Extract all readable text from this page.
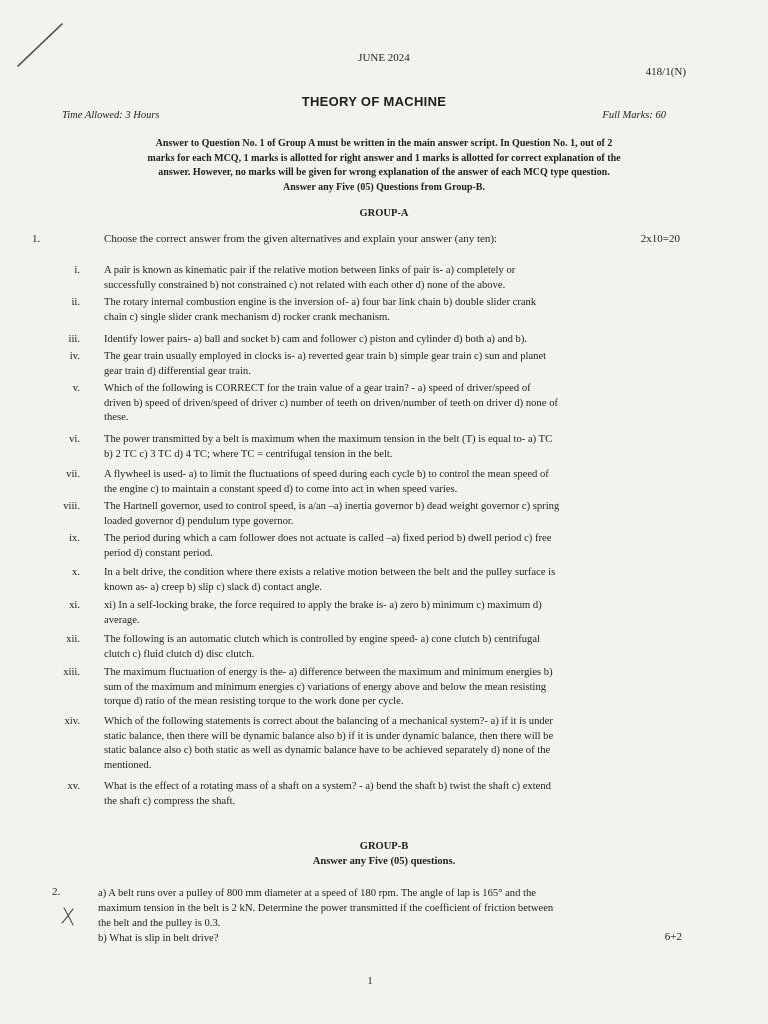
JUNE 2024
418/1(N)
THEORY OF MACHINE
Time Allowed: 3 Hours	Full Marks: 60
Answer to Question No. 1 of Group A must be written in the main answer script. In Question No. 1, out of 2
marks for each MCQ, 1 marks is allotted for right answer and 1 marks is allotted for correct explanation of the
answer. However, no marks will be given for wrong explanation of the answer of each MCQ type question.
Answer any Five (05) Questions from Group-B.
GROUP-A
1.	Choose the correct answer from the given alternatives and explain your answer (any ten):	2x10=20
i. A pair is known as kinematic pair if the relative motion between links of pair is- a) completely or
successfully constrained b) not constrained c) not related with each other d) none of the above.
ii. The rotary internal combustion engine is the inversion of- a) four bar link chain b) double slider crank
chain c) single slider crank mechanism d) rocker crank mechanism.
iii. Identify lower pairs- a) ball and socket b) cam and follower c) piston and cylinder d) both a) and b).
iv. The gear train usually employed in clocks is- a) reverted gear train b) simple gear train c) sun and planet
gear train d) differential gear train.
v. Which of the following is CORRECT for the train value of a gear train? - a) speed of driver/speed of
driven b) speed of driven/speed of driver c) number of teeth on driven/number of teeth on driver d) none of
these.
vi. The power transmitted by a belt is maximum when the maximum tension in the belt (T) is equal to- a) TC
b) 2 TC c) 3 TC d) 4 TC; where TC = centrifugal tension in the belt.
vii. A flywheel is used- a) to limit the fluctuations of speed during each cycle b) to control the mean speed of
the engine c) to maintain a constant speed d) to come into act in when speed varies.
viii. The Hartnell governor, used to control speed, is a/an –a) inertia governor b) dead weight governor c) spring
loaded governor d) pendulum type governor.
ix. The period during which a cam follower does not actuate is called –a) fixed period b) dwell period c) free
period d) constant period.
x. In a belt drive, the condition where there exists a relative motion between the belt and the pulley surface is
known as- a) creep b) slip c) slack d) contact angle.
xi. xi) In a self-locking brake, the force required to apply the brake is- a) zero b) minimum c) maximum d)
average.
xii. The following is an automatic clutch which is controlled by engine speed- a) cone clutch b) centrifugal
clutch c) fluid clutch d) disc clutch.
xiii. The maximum fluctuation of energy is the- a) difference between the maximum and minimum energies b)
sum of the maximum and minimum energies c) variations of energy above and below the mean resisting
torque d) ratio of the mean resisting torque to the work done per cycle.
xiv. Which of the following statements is correct about the balancing of a mechanical system?- a) if it is under
static balance, then there will be dynamic balance also b) if it is under dynamic balance, then there will be
static balance also c) both static as well as dynamic balance have to be achieved separately d) none of the
mentioned.
xv. What is the effect of a rotating mass of a shaft on a system? - a) bend the shaft b) twist the shaft c) extend
the shaft c) compress the shaft.
GROUP-B
Answer any Five (05) questions.
2.	a) A belt runs over a pulley of 800 mm diameter at a speed of 180 rpm. The angle of lap is 165° and the
maximum tension in the belt is 2 kN. Determine the power transmitted if the coefficient of friction between
the belt and the pulley is 0.3.
b) What is slip in belt drive?	6+2
1
